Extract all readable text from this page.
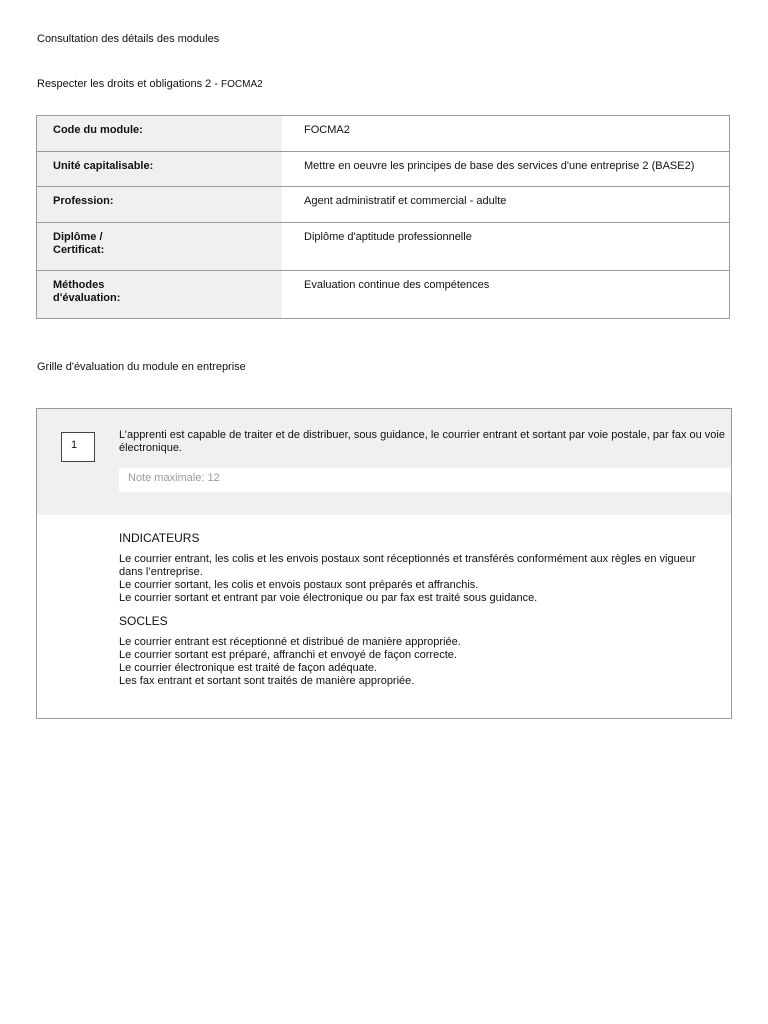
Consultation des détails des modules
Respecter les droits et obligations 2 - FOCMA2
Code du module:	FOCMA2
Unité capitalisable:	Mettre en oeuvre les principes de base des services d'une entreprise 2 (BASE2)
Profession:	Agent administratif et commercial - adulte

Diplôme /
Certificat:	Diplôme d'aptitude professionnelle

Méthodes
d'évaluation:	Evaluation continue des compétences
Grille d'évaluation du module en entreprise
1
L’apprenti est capable de traiter et de distribuer, sous guidance, le courrier entrant et sortant par voie postale, par fax ou voie électronique.
Note maximale: 12
INDICATEURS
Le courrier entrant, les colis et les envois postaux sont réceptionnés et transférés conformément aux règles en vigueur dans l’entreprise.
Le courrier sortant, les colis et envois postaux sont préparés et affranchis.
Le courrier sortant et entrant par voie électronique ou par fax est traité sous guidance.
SOCLES
Le courrier entrant est réceptionné et distribué de manière appropriée.
Le courrier sortant est préparé, affranchi et envoyé de façon correcte.
Le courrier électronique est traité de façon adéquate.
Les fax entrant et sortant sont traités de manière appropriée.
